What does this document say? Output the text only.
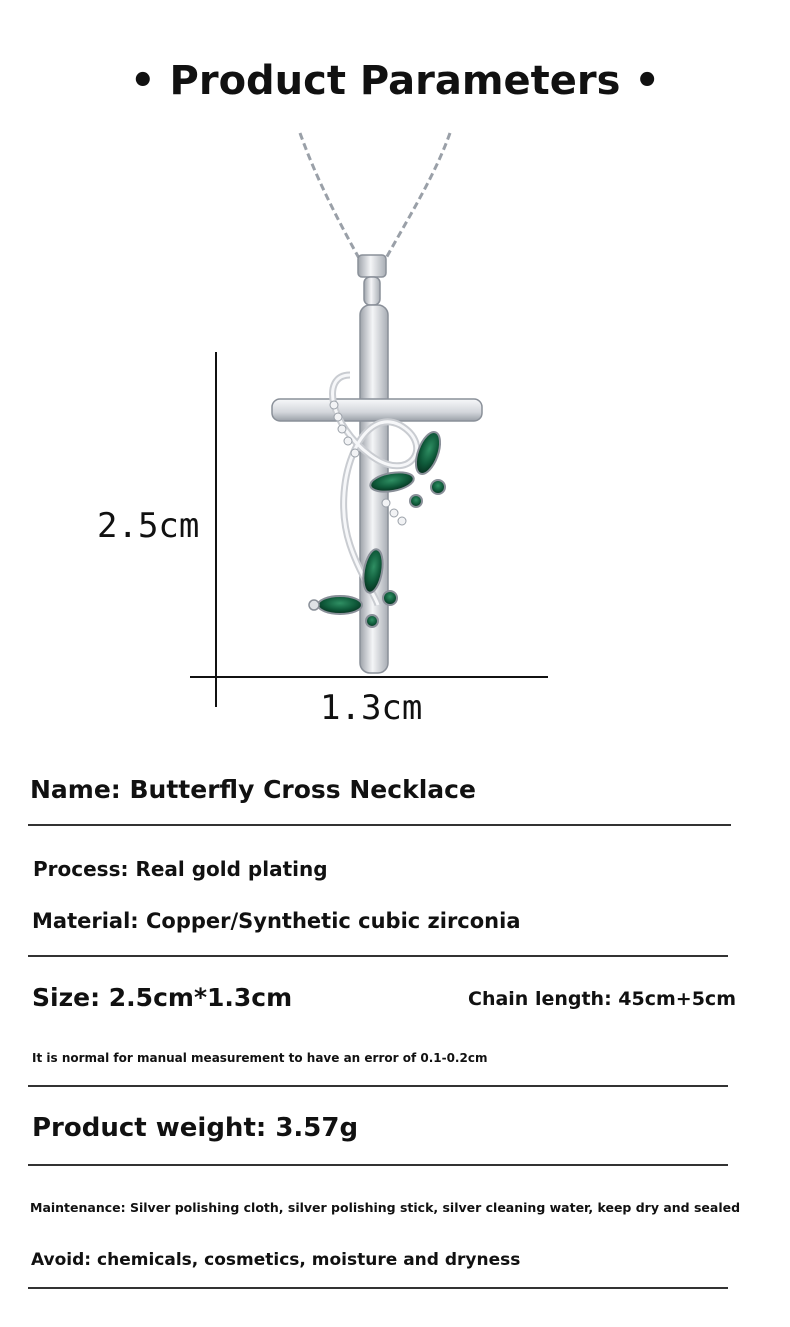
• Product Parameters •
2.5cm
1.3cm
Name: Butterfly Cross Necklace
Process: Real gold plating
Material: Copper/Synthetic cubic zirconia
Size: 2.5cm*1.3cm	Chain length: 45cm+5cm
It is normal for manual measurement to have an error of 0.1-0.2cm
Product weight: 3.57g
Maintenance: Silver polishing cloth, silver polishing stick, silver cleaning water, keep dry and sealed
Avoid: chemicals, cosmetics, moisture and dryness
